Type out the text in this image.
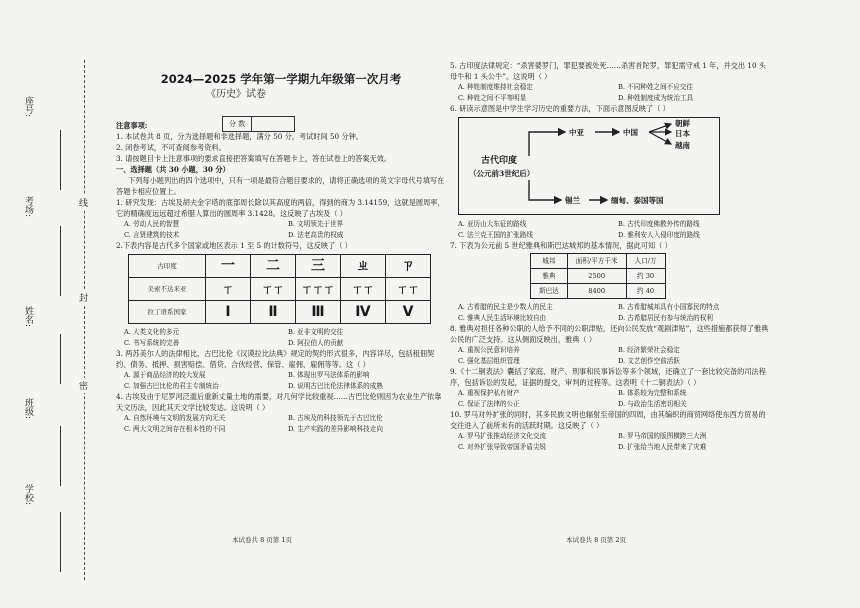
座号:
考场:
姓名:
班级:
学校:
线
封
密
2024—2025 学年第一学期九年级第一次月考
《历史》试卷

注意事项:

1. 本试卷共 8 页，分为选择题和非选择题，满分 50 分，考试时间 50 分钟。

2. 闭卷考试，不可查阅参考资料。

3. 请按题目卡上注意事项的要求直接把答案填写在答题卡上，答在试卷上的答案无效。

一、选择题（共 30 小题，30 分）

下列每小题列出的四个选项中，只有一项是最符合题目要求的，请将正确选项的英文字母代号填写在答题卡相应位置上。

1. 研究发现：古埃及胡夫金字塔的底部周长除以其高度的两倍，得到的商为 3.14159，这就是圆周率，它的精确度远远超过希腊人算出的圆周率 3.1428。这反映了古埃及（ ）

A. 劳动人民的智慧	B. 文明领先于世界
C. 言贤建筑的技术	D. 法老高贵的权威

2.下表内容是古代多个国家或地区表示 1 至 5 的计数符号，这反映了（ ）

古印度	一	二	三	ㄓ	ㄗ
美索不达米亚	ㄒ	ㄒㄒ	ㄒㄒㄒ	ㄒㄒ	ㄒㄒ
拉丁语系国家	Ⅰ	Ⅱ	Ⅲ	Ⅳ	Ⅴ
A. 人类文化的多元	B. 亚非文明的交往
C. 书写系统的完善	D. 阿拉伯人的贡献

3. 两苏美尔人的法律相比，古巴比伦《汉谟拉比法典》规定的契约形式很多，内容详尽，包括租佃契约、债务、抵押、损害赔偿、借贷、合伙经营、保管、雇佣、雇佣等等。这（ ）

A. 源于商品经济的较大发展	B. 体现出罗马法体系的影响
C. 加强古巴比伦的君主专制统治	D. 说明古巴比伦法律体系的成熟

4. 古埃及由于尼罗河泛滥后重新丈量土地的需要，对几何学比较重视……古巴比伦则因为农业生产依靠天文历法，因此其天文学比较发达。这说明（ ）

A. 自然环境与文明的发展方向无关	B. 古埃及的科技领先于古巴比伦
C. 两大文明之间存在根本性的不同	D. 生产实践的差异影响科技走向
分 数

5. 古印度法律规定：“杀害婆罗门，罪犯要被处死……杀害首陀罗，罪犯需守戒 1 年，并交出 10 头母牛和 1 头公牛”。这说明（ ）

A. 种姓制度维持社会稳定	B. 不同种姓之间不应交往
C. 种姓之间不平等明显	D. 种姓制度成为统治工具

6. 研读示意图是中学生学习历史的重要方法，下面示意图反映了（ ）

古代印度
（公元前3世纪后）
中亚	中国
朝鲜
日本
越南
锡兰	缅甸、泰国等国
A. 亚历山大东征的路线	B. 古代印度佛教外传的路线
C. 法兰克王国的扩张路线	D. 雅利安人入侵印度的路线

7. 下表为公元前 5 世纪雅典和斯巴达城邦的基本情况，据此可知（ ）

城邦	面积/平方千米	人口/万
雅典	2500	约 30
斯巴达	8400	约 40
A. 古希腊的民主是少数人的民主	B. 古希腊城邦具有小国寡民的特点
C. 雅典人民生活环境比较自由	D. 古希腊居民有参与统治的权利

8. 雅典对担任各种公职的人给予不同的公职津贴，还向公民发放“观剧津贴”，这些措施都获得了雅典公民的广泛支持。这从侧面反映出，雅典（ ）

A. 重视公民意识培养	B. 经济繁荣社会稳定
C. 强化基层组织管理	D. 文艺创作空前活跃

9.《十二铜表法》囊括了家庭、财产、刑事和民事诉讼等多个领域，还确立了一套比较完备的司法程序，包括诉讼的发起，证据的提交，审判的过程等。这表明《十二铜表法》（ ）

A. 重视保护私有财产	B. 体系较为完整和系统
C. 保证了法律的公正	D. 与政治生活密切相关

10. 罗马对外扩张的同时，其多民族文明也辐射至帝国的四周，由其编织的商贸网络使东西方贸易的交往进入了前所未有的活跃时期。这反映了（ ）

A. 罗马扩张推动经济文化交流	B. 罗马帝国的版图横跨三大洲
C. 对外扩张导致帝国矛盾尖锐	D. 扩张给当地人民带来了灾难
本试卷共 8 页第 1页	本试卷共 8 页第 2页
